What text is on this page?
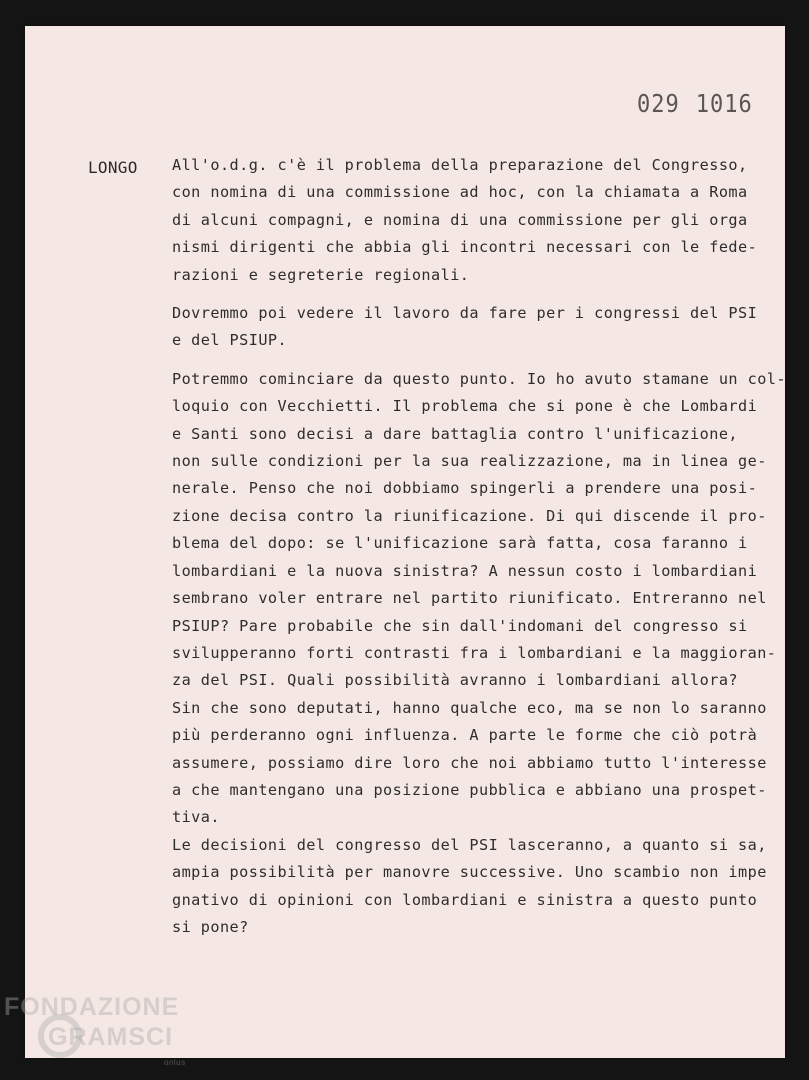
029 1016
LONGO All'o.d.g. c'è il problema della preparazione del Congresso,
con nomina di una commissione ad hoc, con la chiamata a Roma
di alcuni compagni, e nomina di una commissione per gli orga
nismi dirigenti che abbia gli incontri necessari con le fede-
razioni e segreterie regionali.
Dovremmo poi vedere il lavoro da fare per i congressi del PSI
e del PSIUP.
Potremmo cominciare da questo punto. Io ho avuto stamane un col-
loquio con Vecchietti. Il problema che si pone è che Lombardi
e Santi sono decisi a dare battaglia contro l'unificazione,
non sulle condizioni per la sua realizzazione, ma in linea ge-
nerale. Penso che noi dobbiamo spingerli a prendere una posi-
zione decisa contro la riunificazione. Di qui discende il pro-
blema del dopo: se l'unificazione sarà fatta, cosa faranno i
lombardiani e la nuova sinistra? A nessun costo i lombardiani
sembrano voler entrare nel partito riunificato. Entreranno nel
PSIUP? Pare probabile che sin dall'indomani del congresso si
svilupperanno forti contrasti fra i lombardiani e la maggioran-
za del PSI. Quali possibilità avranno i lombardiani allora?
Sin che sono deputati, hanno qualche eco, ma se non lo saranno
più perderanno ogni influenza. A parte le forme che ciò potrà
assumere, possiamo dire loro che noi abbiamo tutto l'interesse
a che mantengano una posizione pubblica e abbiano una prospet-
tiva.
Le decisioni del congresso del PSI lasceranno, a quanto si sa,
ampia possibilità per manovre successive. Uno scambio non impe
gnativo di opinioni con lombardiani e sinistra a questo punto
si pone?
FONDAZIONE
GRAMSCI
onlus
